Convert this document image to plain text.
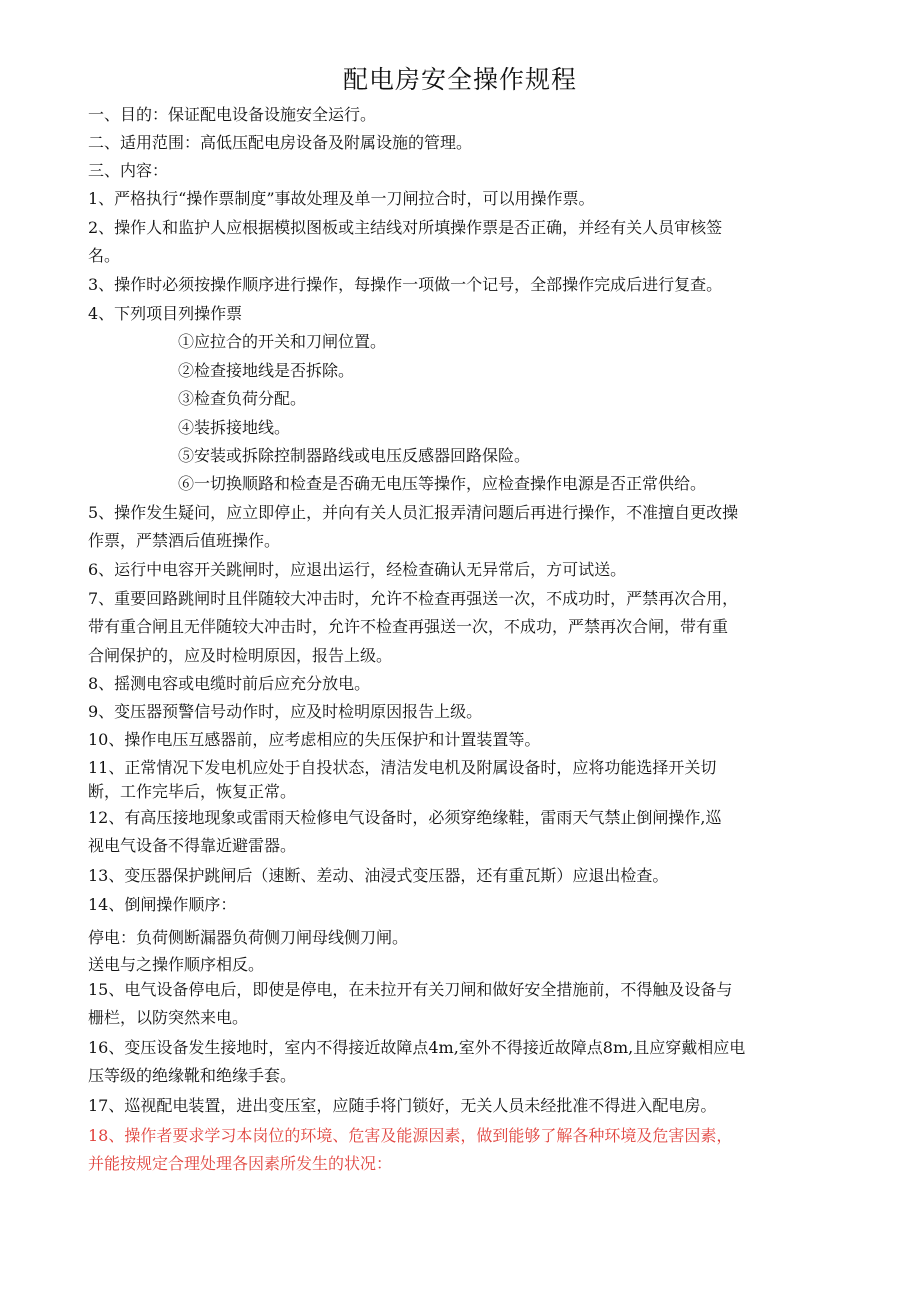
配电房安全操作规程
一、目的：保证配电设备设施安全运行。
二、适用范围：高低压配电房设备及附属设施的管理。
三、内容：
1、严格执行“操作票制度”事故处理及单一刀闸拉合时，可以用操作票。
2、操作人和监护人应根据模拟图板或主结线对所填操作票是否正确，并经有关人员审核签
名。
3、操作时必须按操作顺序进行操作，每操作一项做一个记号，全部操作完成后进行复查。
4、下列项目列操作票
①应拉合的开关和刀闸位置。
②检查接地线是否拆除。
③检查负荷分配。
④装拆接地线。
⑤安装或拆除控制器路线或电压反感器回路保险。
⑥一切换顺路和检查是否确无电压等操作，应检查操作电源是否正常供给。
5、操作发生疑问，应立即停止，并向有关人员汇报弄清问题后再进行操作，不准擅自更改操
作票，严禁酒后值班操作。
6、运行中电容开关跳闸时，应退出运行，经检查确认无异常后，方可试送。
7、重要回路跳闸时且伴随较大冲击时，允许不检查再强送一次，不成功时，严禁再次合用，
带有重合闸且无伴随较大冲击时，允许不检查再强送一次，不成功，严禁再次合闸，带有重
合闸保护的，应及时检明原因，报告上级。
8、摇测电容或电缆时前后应充分放电。
9、变压器预警信号动作时，应及时检明原因报告上级。
10、操作电压互感器前，应考虑相应的失压保护和计置装置等。
11、正常情况下发电机应处于自投状态，清洁发电机及附属设备时，应将功能选择开关切
断，工作完毕后，恢复正常。
12、有高压接地现象或雷雨天检修电气设备时，必须穿绝缘鞋，雷雨天气禁止倒闸操作,巡
视电气设备不得靠近避雷器。
13、变压器保护跳闸后（速断、差动、油浸式变压器，还有重瓦斯）应退出检查。
14、倒闸操作顺序：
停电：负荷侧断漏器负荷侧刀闸母线侧刀闸。
送电与之操作顺序相反。
15、电气设备停电后，即使是停电，在未拉开有关刀闸和做好安全措施前，不得触及设备与
栅栏，以防突然来电。
16、变压设备发生接地时，室内不得接近故障点4m,室外不得接近故障点8m,且应穿戴相应电
压等级的绝缘靴和绝缘手套。
17、巡视配电装置，进出变压室，应随手将门锁好，无关人员未经批准不得进入配电房。
18、操作者要求学习本岗位的环境、危害及能源因素，做到能够了解各种环境及危害因素，
并能按规定合理处理各因素所发生的状况：
